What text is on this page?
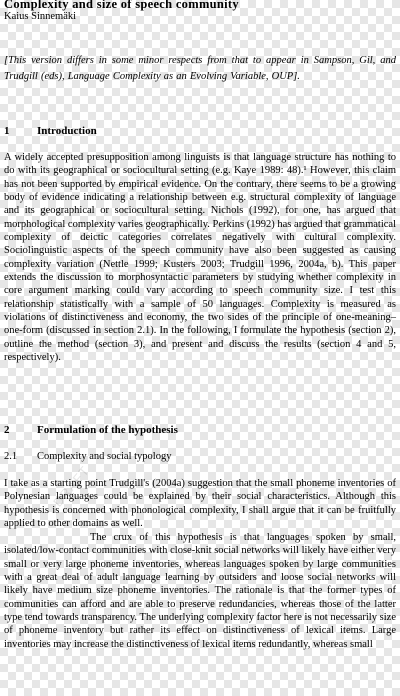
Complexity and size of speech community
Kaius Sinnemäki

[This version differs in some minor respects from that to appear in Sampson, Gil, and Trudgill (eds), Language Complexity as an Evolving Variable, OUP].

1	Introduction

A widely accepted presupposition among linguists is that language structure has nothing to do with its geographical or sociocultural setting (e.g. Kaye 1989: 48).¹ However, this claim has not been supported by empirical evidence. On the contrary, there seems to be a growing body of evidence indicating a relationship between e.g. structural complexity of language and its geographical or sociocultural setting. Nichols (1992), for one, has argued that morphological complexity varies geographically. Perkins (1992) has argued that grammatical complexity of deictic categories correlates negatively with cultural complexity. Sociolinguistic aspects of the speech community have also been suggested as causing complexity variation (Nettle 1999; Kusters 2003; Trudgill 1996, 2004a, b). This paper extends the discussion to morphosyntactic parameters by studying whether complexity in core argument marking could vary according to speech community size. I test this relationship statistically with a sample of 50 languages. Complexity is measured as violations of distinctiveness and economy, the two sides of the principle of one-meaning–one-form (discussed in section 2.1). In the following, I formulate the hypothesis (section 2), outline the method (section 3), and present and discuss the results (section 4 and 5, respectively).

2	Formulation of the hypothesis
2.1 Complexity and social typology

I take as a starting point Trudgill's (2004a) suggestion that the small phoneme inventories of Polynesian languages could be explained by their social characteristics. Although this hypothesis is concerned with phonological complexity, I shall argue that it can be fruitfully applied to other domains as well.

The crux of this hypothesis is that languages spoken by small, isolated/low-contact communities with close-knit social networks will likely have either very small or very large phoneme inventories, whereas languages spoken by large communities with a great deal of adult language learning by outsiders and loose social networks will likely have medium size phoneme inventories. The rationale is that the former types of communities can afford and are able to preserve redundancies, whereas those of the latter type tend towards transparency. The underlying complexity factor here is not necessarily size of phoneme inventory but rather its effect on distinctiveness of lexical items. Large inventories may increase the distinctiveness of lexical items redundantly, whereas small

DRAFT
